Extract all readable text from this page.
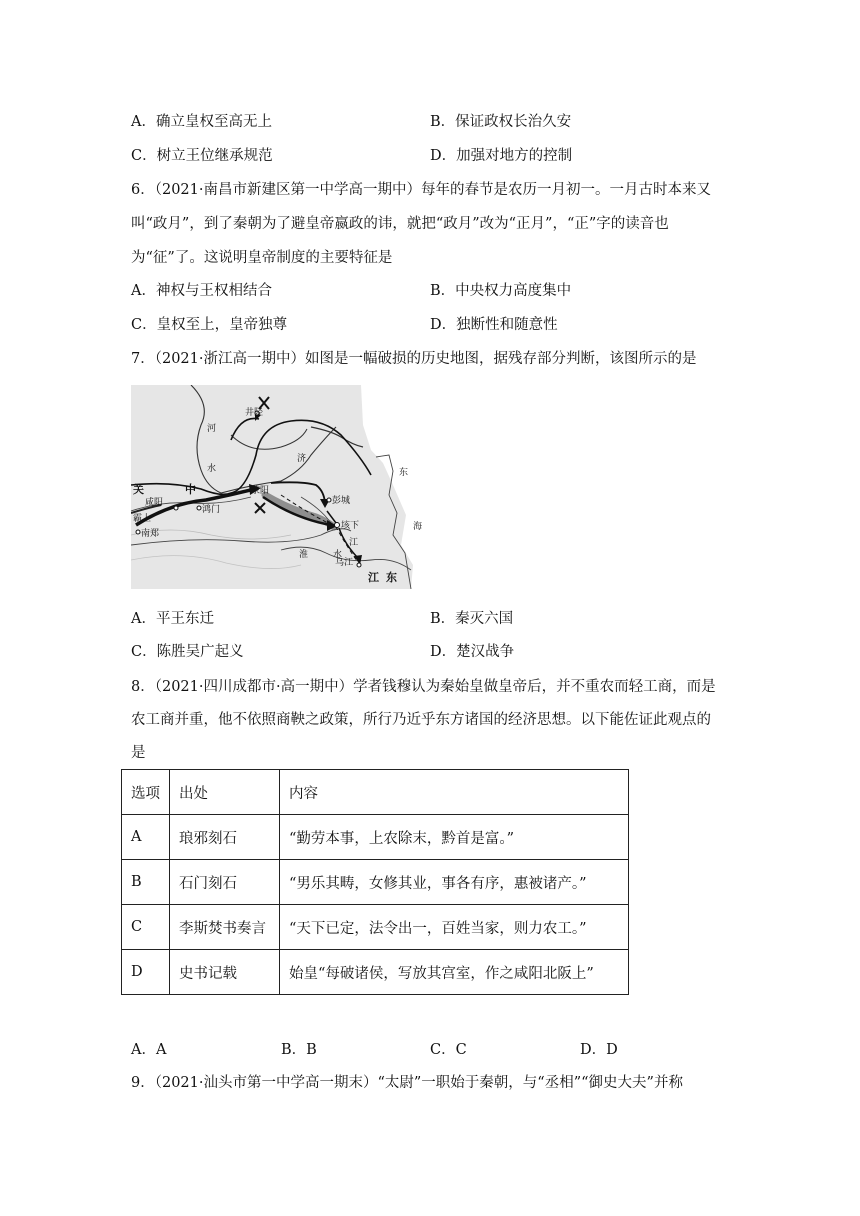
A．确立皇权至高无上	B．保证政权长治久安
C．树立王位继承规范	D．加强对地方的控制
6．（2021·南昌市新建区第一中学高一期中）每年的春节是农历一月初一。一月古时本来又
叫“政月”，到了秦朝为了避皇帝嬴政的讳，就把“政月”改为“正月”，“正”字的读音也
为“征”了。这说明皇帝制度的主要特征是
A．神权与王权相结合	B．中央权力高度集中
C．皇权至上，皇帝独尊	D．独断性和随意性
7．（2021·浙江高一期中）如图是一幅破损的历史地图，据残存部分判断，该图所示的是
关	中
咸阳
霸上
鸿门
南郑
井陉
荥阳
彭城
垓下
乌江
江 东
海
河
水
济
淮
东
水
江
A．平王东迁	B．秦灭六国
C．陈胜吴广起义	D．楚汉战争
8．（2021·四川成都市·高一期中）学者钱穆认为秦始皇做皇帝后，并不重农而轻工商，而是
农工商并重，他不依照商鞅之政策，所行乃近乎东方诸国的经济思想。以下能佐证此观点的
是
选项	出处	内容
A	琅邪刻石	“勤劳本事，上农除末，黔首是富。”
B	石门刻石	“男乐其畴，女修其业，事各有序，惠被诸产。”
C	李斯焚书奏言	“天下已定，法令出一，百姓当家，则力农工。”
D	史书记载	始皇“每破诸侯，写放其宫室，作之咸阳北阪上”
A．A	B．B	C．C	D．D
9．（2021·汕头市第一中学高一期末）“太尉”一职始于秦朝，与“丞相”“御史大夫”并称
